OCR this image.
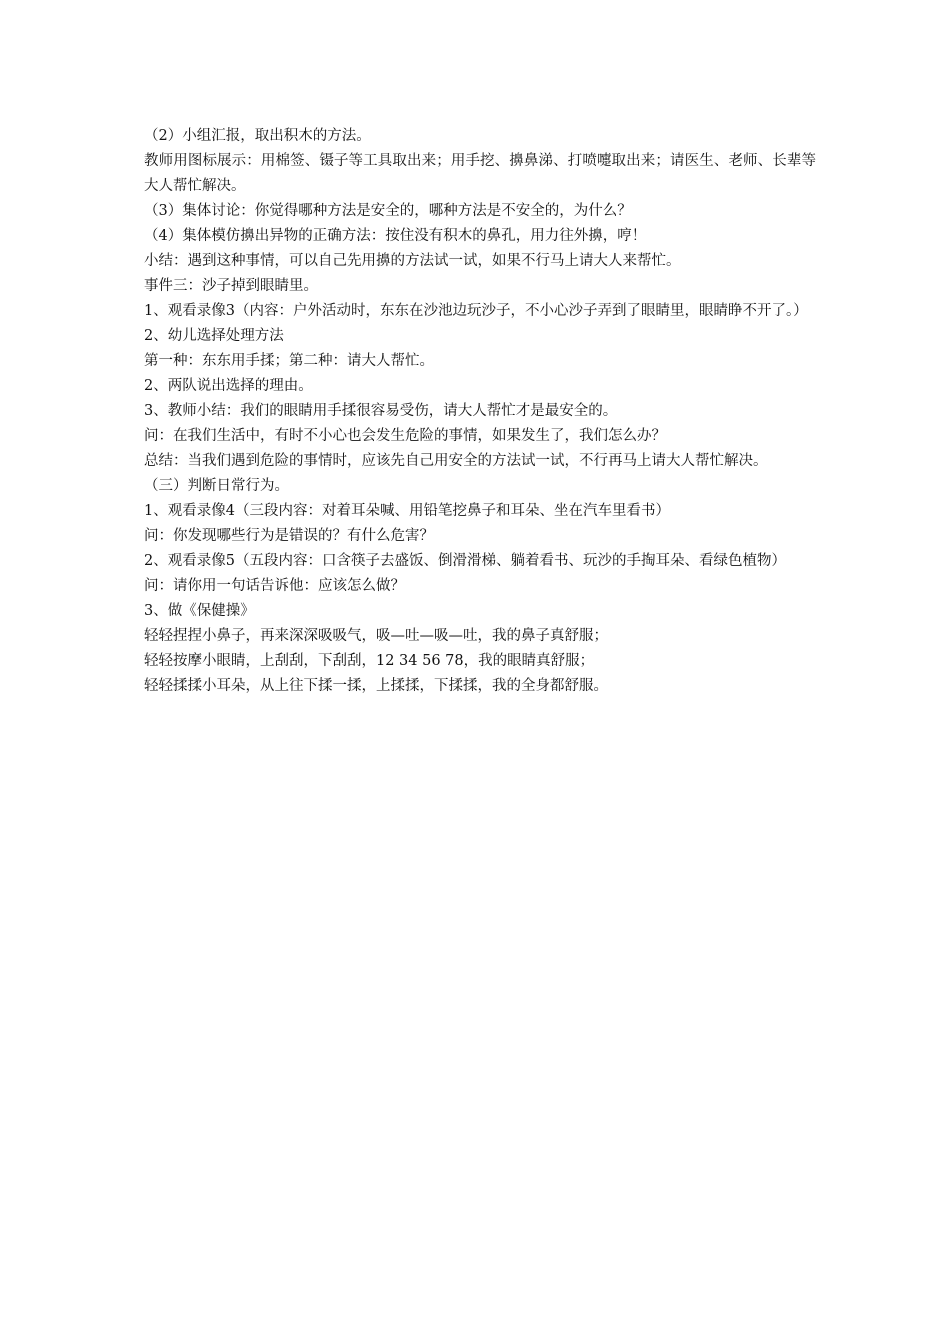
（2）小组汇报，取出积木的方法。

教师用图标展示：用棉签、镊子等工具取出来；用手挖、擤鼻涕、打喷嚏取出来；请医生、老师、长辈等大人帮忙解决。

（3）集体讨论：你觉得哪种方法是安全的，哪种方法是不安全的，为什么？

（4）集体模仿擤出异物的正确方法：按住没有积木的鼻孔，用力往外擤，哼！

小结：遇到这种事情，可以自己先用擤的方法试一试，如果不行马上请大人来帮忙。

事件三：沙子掉到眼睛里。

1、观看录像3（内容：户外活动时，东东在沙池边玩沙子，不小心沙子弄到了眼睛里，眼睛睁不开了。）

2、幼儿选择处理方法

第一种：东东用手揉；第二种：请大人帮忙。

2、两队说出选择的理由。

3、教师小结：我们的眼睛用手揉很容易受伤，请大人帮忙才是最安全的。

问：在我们生活中，有时不小心也会发生危险的事情，如果发生了，我们怎么办？

总结：当我们遇到危险的事情时，应该先自己用安全的方法试一试，不行再马上请大人帮忙解决。

（三）判断日常行为。

1、观看录像4（三段内容：对着耳朵喊、用铅笔挖鼻子和耳朵、坐在汽车里看书）

问：你发现哪些行为是错误的？有什么危害？

2、观看录像5（五段内容：口含筷子去盛饭、倒滑滑梯、躺着看书、玩沙的手掏耳朵、看绿色植物）

问：请你用一句话告诉他：应该怎么做？

3、做《保健操》

轻轻捏捏小鼻子，再来深深吸吸气，吸—吐—吸—吐，我的鼻子真舒服；

轻轻按摩小眼睛，上刮刮，下刮刮，12 34 56 78，我的眼睛真舒服；

轻轻揉揉小耳朵，从上往下揉一揉，上揉揉，下揉揉，我的全身都舒服。
